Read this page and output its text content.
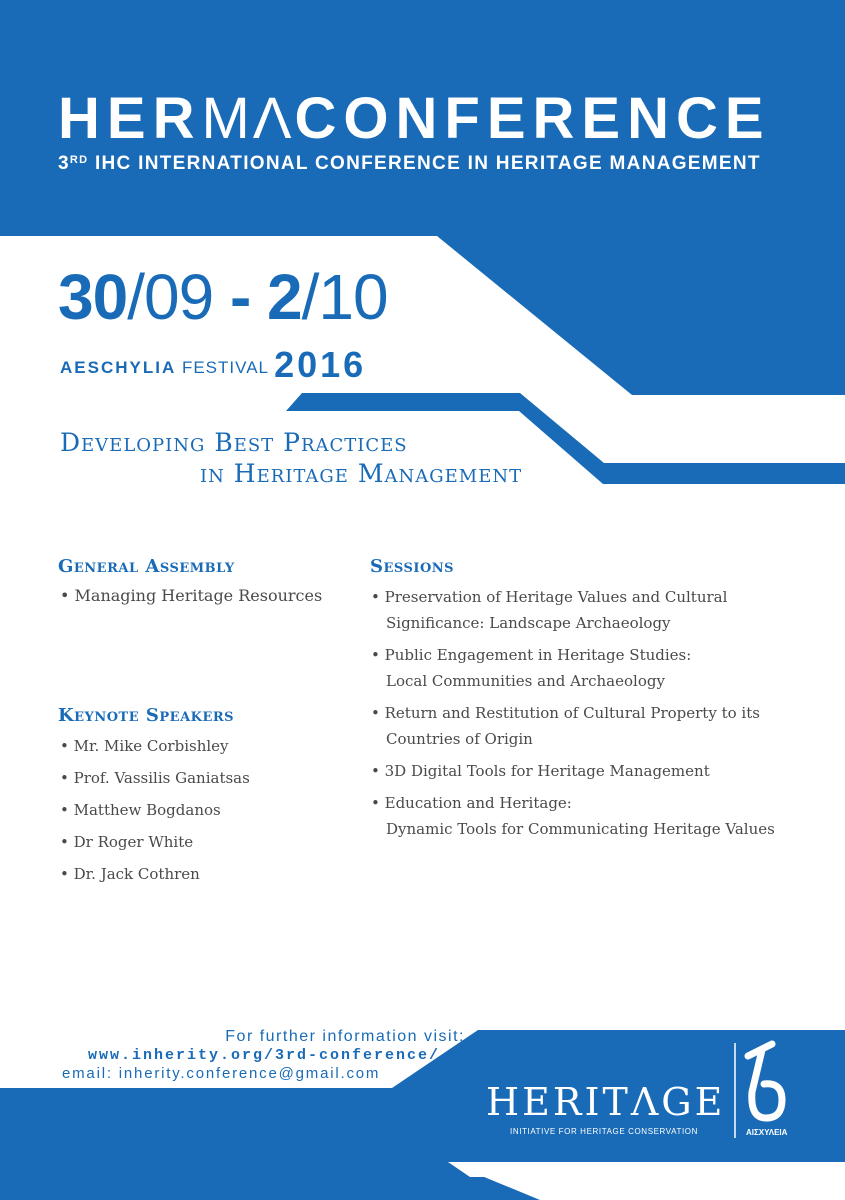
HERMΛCONFERENCE
3RD IHC INTERNATIONAL CONFERENCE IN HERITAGE MANAGEMENT
30/09 - 2/10
AESCHYLIA FESTIVAL 2016
Developing Best Practices
in Heritage Management
General Assembly
• Managing Heritage Resources
Keynote Speakers
• Mr. Mike Corbishley
• Prof. Vassilis Ganiatsas
• Matthew Bogdanos
• Dr Roger White
• Dr. Jack Cothren
Sessions
• Preservation of Heritage Values and Cultural
Significance: Landscape Archaeology
• Public Engagement in Heritage Studies:
Local Communities and Archaeology
• Return and Restitution of Cultural Property to its
Countries of Origin
• 3D Digital Tools for Heritage Management
• Education and Heritage:
Dynamic Tools for Communicating Heritage Values
For further information visit:
www.inherity.org/3rd-conference/
email: inherity.conference@gmail.com
HERITΛGE
INITIATIVE FOR HERITAGE CONSERVATION	ΑΙΣΧΥΛΕΙΑ
